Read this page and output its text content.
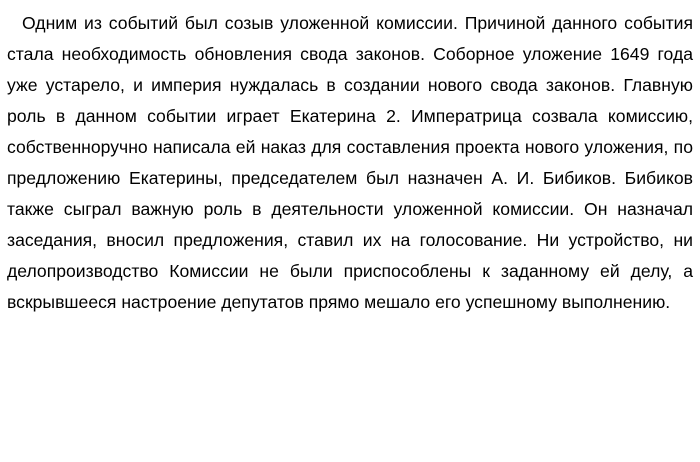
Одним из событий был созыв уложенной комиссии. Причиной данного события стала необходимость обновления свода законов. Соборное уложение 1649 года уже устарело, и империя нуждалась в создании нового свода законов. Главную роль в данном событии играет Екатерина 2. Императрица созвала комиссию, собственноручно написала ей наказ для составления проекта нового уложения, по предложению Екатерины, председателем был назначен А. И. Бибиков. Бибиков также сыграл важную роль в деятельности уложенной комиссии. Он назначал заседания, вносил предложения, ставил их на голосование. Ни устройство, ни делопроизводство Комиссии не были приспособлены к заданному ей делу, а вскрывшееся настроение депутатов прямо мешало его успешному выполнению.
